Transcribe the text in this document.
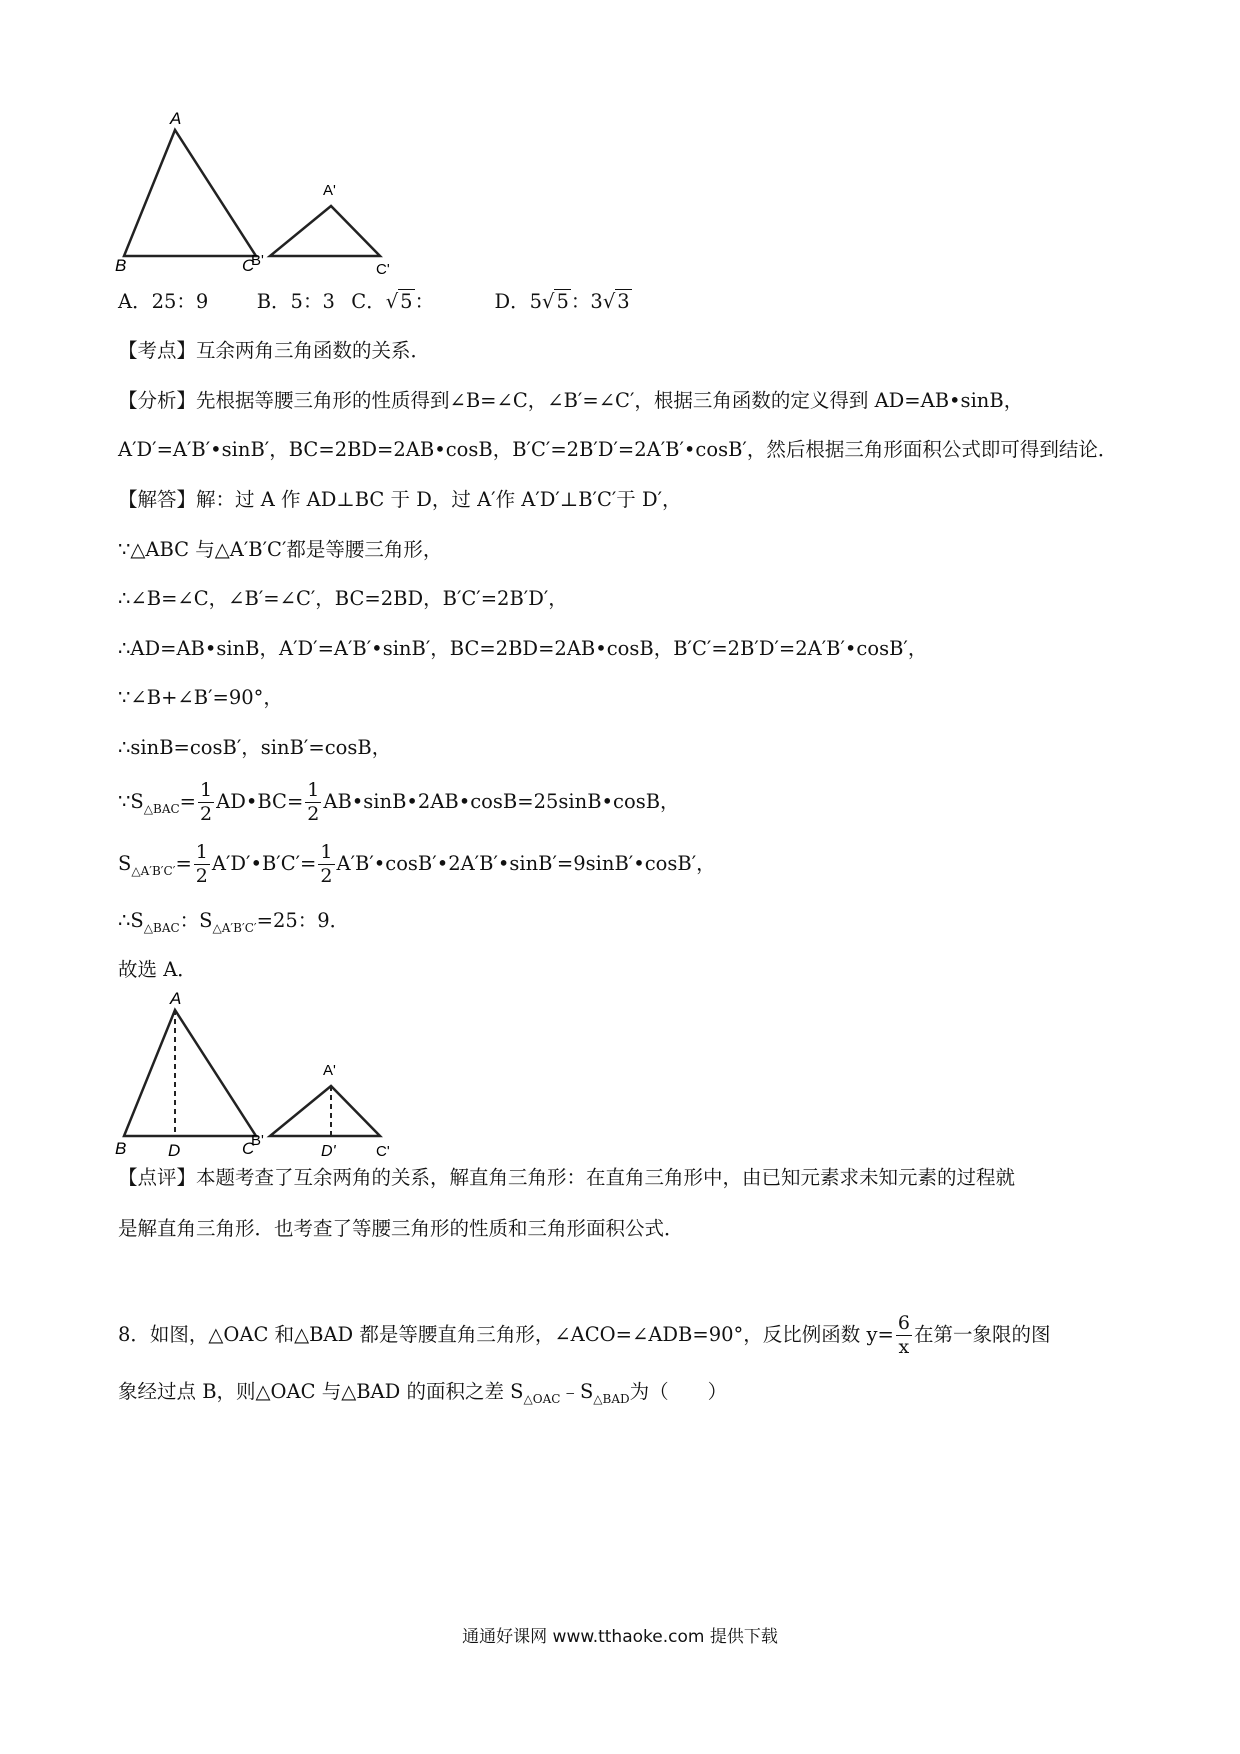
A
B	C
A'
B'
C'
A．25：9 B．5：3 C．√ 5 ：	D．5√ 5 ：3√ 3
【考点】互余两角三角函数的关系．
【分析】先根据等腰三角形的性质得到∠B=∠C，∠B′=∠C′，根据三角函数的定义得到 AD=AB•sinB，
A′D′=A′B′•sinB′，BC=2BD=2AB•cosB，B′C′=2B′D′=2A′B′•cosB′，然后根据三角形面积公式即可得到结论．
【解答】解：过 A 作 AD⊥BC 于 D，过 A′作 A′D′⊥B′C′于 D′，
∵△ABC 与△A′B′C′都是等腰三角形，
∴∠B=∠C，∠B′=∠C′，BC=2BD，B′C′=2B′D′，
∴AD=AB•sinB，A′D′=A′B′•sinB′，BC=2BD=2AB•cosB，B′C′=2B′D′=2A′B′•cosB′，
∵∠B+∠B′=90°，
∴sinB=cosB′，sinB′=cosB，
$\because S_{\triangle BAC}= \frac{1}{2}$ AD•BC= $\frac{1}{2}$ AB•sinB•2AB•cosB=25sinB•cosB，
$S_{\triangle A'B'C'}= \frac{1}{2}$ A′D′•B′C′= $\frac{1}{2}$ A′B′•cosB′•2A′B′•sinB′=9sinB′•cosB′，
$\therefore S_{\triangle BAC}$：$S_{\triangle A'B'C'}=25$：9．
故选 A．
A
B D	C
A'
B'
D'	C'
【点评】本题考查了互余两角的关系，解直角三角形：在直角三角形中，由已知元素求未知元素的过程就
是解直角三角形．也考查了等腰三角形的性质和三角形面积公式．
8．如图，△OAC 和△BAD 都是等腰直角三角形，∠ACO=∠ADB=90°，反比例函数 $y= \frac{6}{x}$ 在第一象限的图
象经过点 B，则△OAC 与△BAD 的面积之差 $S_{\triangle OAC}﹣S_{\triangle BAD}$为（　　）
通通好课网 www.tthaoke.com 提供下载
